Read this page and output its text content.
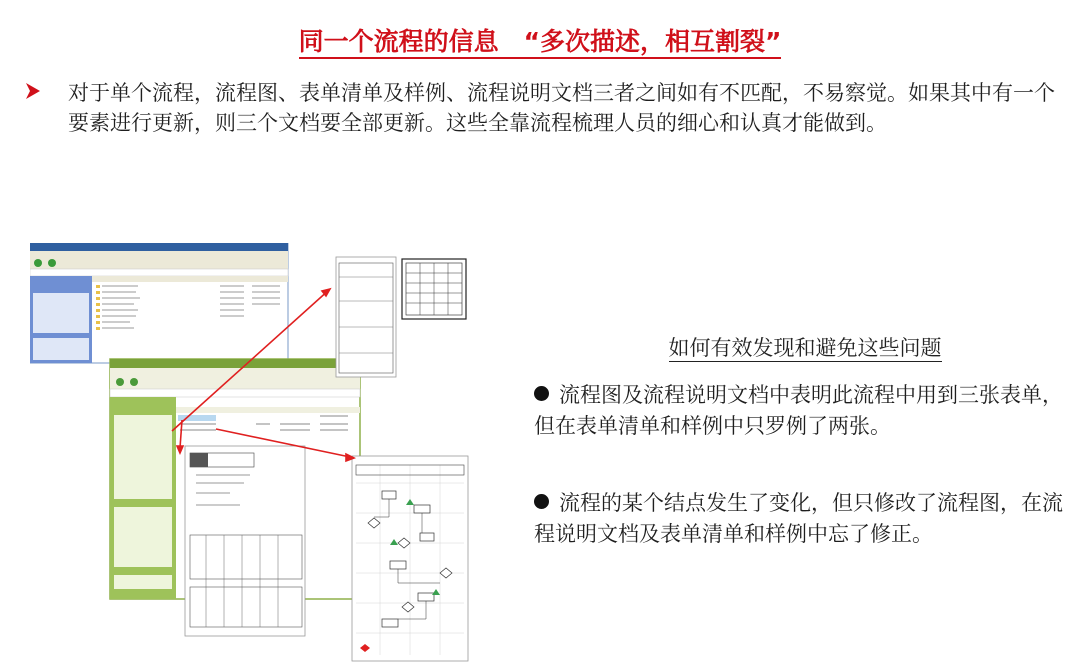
同一个流程的信息　“多次描述，相互割裂”
对于单个流程，流程图、表单清单及样例、流程说明文档三者之间如有不匹配，不易察觉。如果其中有一个要素进行更新，则三个文档要全部更新。这些全靠流程梳理人员的细心和认真才能做到。
如何有效发现和避免这些问题
流程图及流程说明文档中表明此流程中用到三张表单，但在表单清单和样例中只罗例了两张。
流程的某个结点发生了变化，但只修改了流程图，在流程说明文档及表单清单和样例中忘了修正。
